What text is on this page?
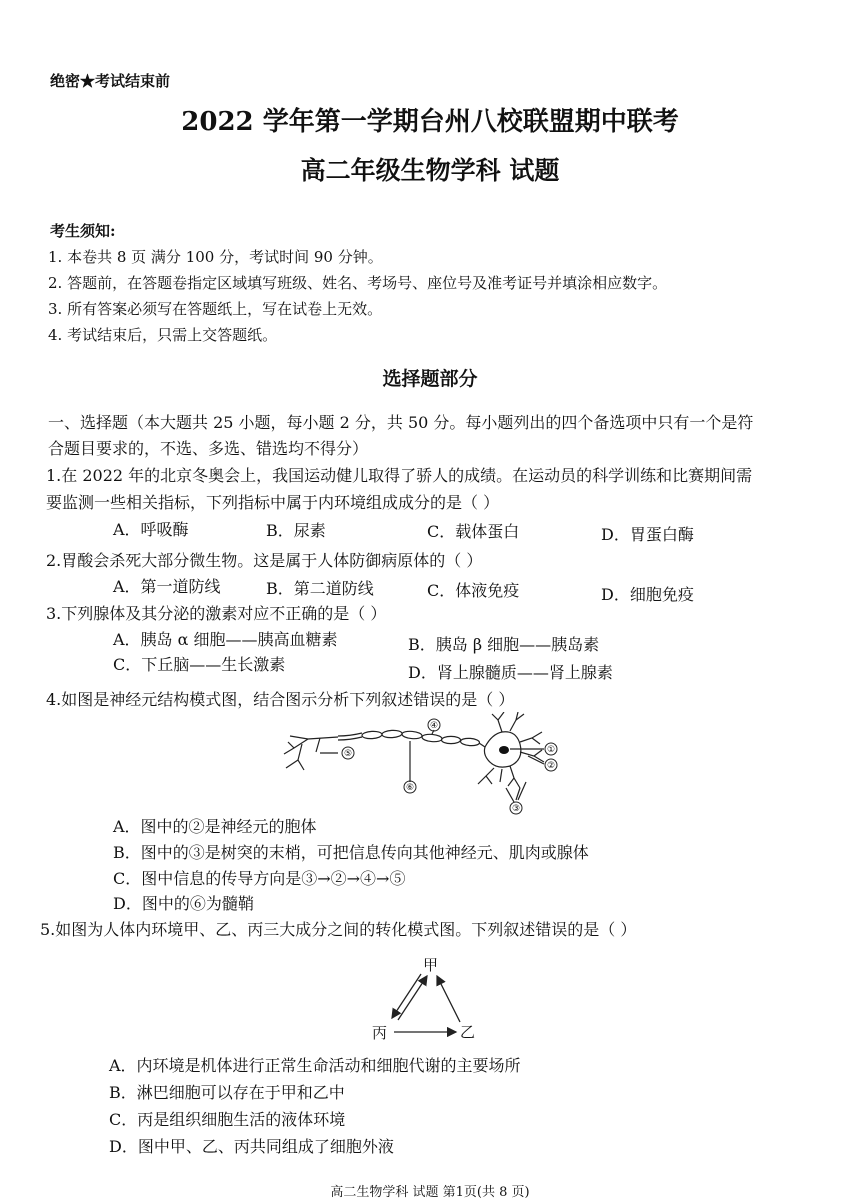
绝密★考试结束前
2022 学年第一学期台州八校联盟期中联考
高二年级生物学科 试题
考生须知:
1. 本卷共 8 页 满分 100 分，考试时间 90 分钟。
2. 答题前，在答题卷指定区域填写班级、姓名、考场号、座位号及准考证号并填涂相应数字。
3. 所有答案必须写在答题纸上，写在试卷上无效。
4. 考试结束后，只需上交答题纸。
选择题部分
一、选择题（本大题共 25 小题，每小题 2 分，共 50 分。每小题列出的四个备选项中只有一个是符
合题目要求的，不选、多选、错选均不得分）
1.在 2022 年的北京冬奥会上，我国运动健儿取得了骄人的成绩。在运动员的科学训练和比赛期间需
要监测一些相关指标，下列指标中属于内环境组成成分的是（ ）
A．呼吸酶	B．尿素	C．载体蛋白	D．胃蛋白酶
2.胃酸会杀死大部分微生物。这是属于人体防御病原体的（ ）
A．第一道防线	B．第二道防线	C．体液免疫	D．细胞免疫
3.下列腺体及其分泌的激素对应不正确的是（ ）
A．胰岛 α 细胞——胰高血糖素	B．胰岛 β 细胞——胰岛素
C．下丘脑——生长激素	D．肾上腺髓质——肾上腺素
4.如图是神经元结构模式图，结合图示分析下列叙述错误的是（ ）
①
②
③
④
⑤
⑥
A．图中的②是神经元的胞体
B．图中的③是树突的末梢，可把信息传向其他神经元、肌肉或腺体
C．图中信息的传导方向是③→②→④→⑤
D．图中的⑥为髓鞘
5.如图为人体内环境甲、乙、丙三大成分之间的转化模式图。下列叙述错误的是（ ）
甲
乙
丙
A．内环境是机体进行正常生命活动和细胞代谢的主要场所
B．淋巴细胞可以存在于甲和乙中
C．丙是组织细胞生活的液体环境
D．图中甲、乙、丙共同组成了细胞外液
高二生物学科 试题 第1页(共 8 页)
